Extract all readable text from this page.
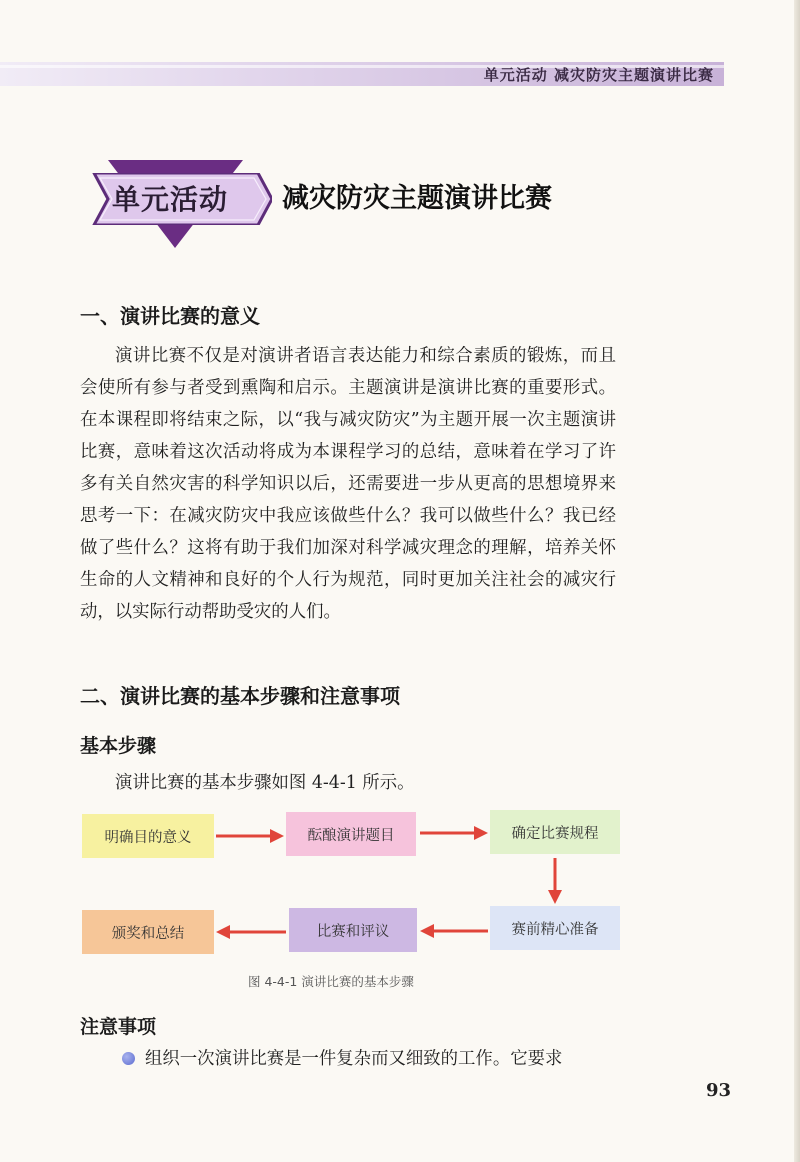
单元活动 减灾防灾主题演讲比赛
单元活动 减灾防灾主题演讲比赛
一、演讲比赛的意义

演讲比赛不仅是对演讲者语言表达能力和综合素质的锻炼，而且会使所有参与者受到熏陶和启示。主题演讲是演讲比赛的重要形式。在本课程即将结束之际，以“我与减灾防灾”为主题开展一次主题演讲比赛，意味着这次活动将成为本课程学习的总结，意味着在学习了许多有关自然灾害的科学知识以后，还需要进一步从更高的思想境界来思考一下：在减灾防灾中我应该做些什么？我可以做些什么？我已经做了些什么？这将有助于我们加深对科学减灾理念的理解，培养关怀生命的人文精神和良好的个人行为规范，同时更加关注社会的减灾行动，以实际行动帮助受灾的人们。

二、演讲比赛的基本步骤和注意事项
基本步骤
演讲比赛的基本步骤如图 4-4-1 所示。
明确目的意义	酝酿演讲题目	确定比赛规程
赛前精心准备
比赛和评议
颁奖和总结
图 4-4-1 演讲比赛的基本步骤
注意事项
组织一次演讲比赛是一件复杂而又细致的工作。它要求
93
